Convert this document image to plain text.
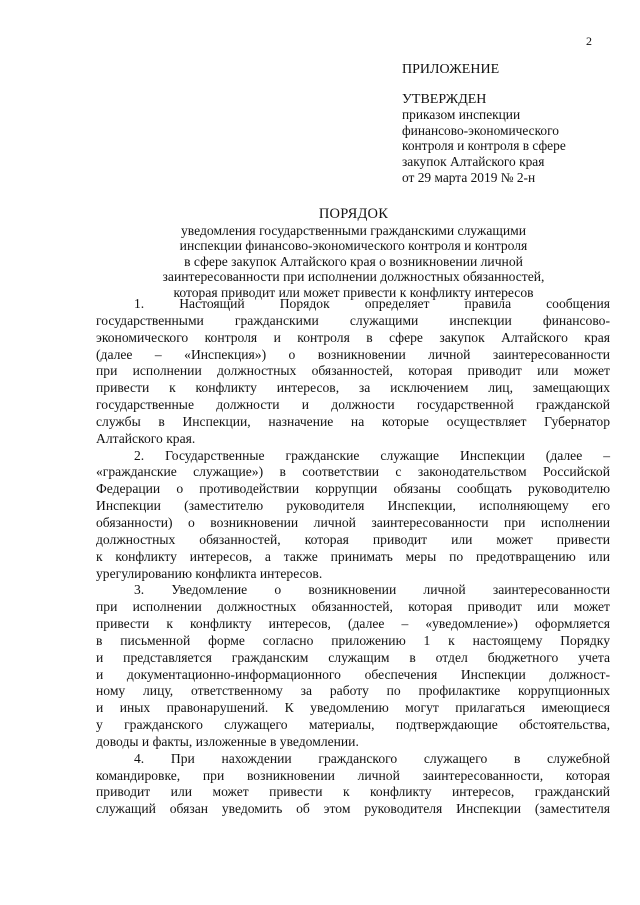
2
ПРИЛОЖЕНИЕ
УТВЕРЖДЕН
приказом инспекции
финансово-экономического
контроля и контроля в сфере
закупок Алтайского края
от 29 марта 2019 № 2-н
ПОРЯДОК
уведомления государственными гражданскими служащими
инспекции финансово-экономического контроля и контроля
в сфере закупок Алтайского края о возникновении личной
заинтересованности при исполнении должностных обязанностей,
которая приводит или может привести к конфликту интересов
1. Настоящий Порядок определяет правила сообщения
государственными гражданскими служащими инспекции финансово-
экономического контроля и контроля в сфере закупок Алтайского края
(далее – «Инспекция») о возникновении личной заинтересованности
при исполнении должностных обязанностей, которая приводит или может
привести к конфликту интересов, за исключением лиц, замещающих
государственные должности и должности государственной гражданской
службы в Инспекции, назначение на которые осуществляет Губернатор
Алтайского края.
2. Государственные гражданские служащие Инспекции (далее –
«гражданские служащие») в соответствии с законодательством Российской
Федерации о противодействии коррупции обязаны сообщать руководителю
Инспекции (заместителю руководителя Инспекции, исполняющему его
обязанности) о возникновении личной заинтересованности при исполнении
должностных обязанностей, которая приводит или может привести
к конфликту интересов, а также принимать меры по предотвращению или
урегулированию конфликта интересов.
3. Уведомление о возникновении личной заинтересованности
при исполнении должностных обязанностей, которая приводит или может
привести к конфликту интересов, (далее – «уведомление») оформляется
в письменной форме согласно приложению 1 к настоящему Порядку
и представляется гражданским служащим в отдел бюджетного учета
и документационно-информационного обеспечения Инспекции должност-
ному лицу, ответственному за работу по профилактике коррупционных
и иных правонарушений. К уведомлению могут прилагаться имеющиеся
у гражданского служащего материалы, подтверждающие обстоятельства,
доводы и факты, изложенные в уведомлении.
4. При нахождении гражданского служащего в служебной
командировке, при возникновении личной заинтересованности, которая
приводит или может привести к конфликту интересов, гражданский
служащий обязан уведомить об этом руководителя Инспекции (заместителя
